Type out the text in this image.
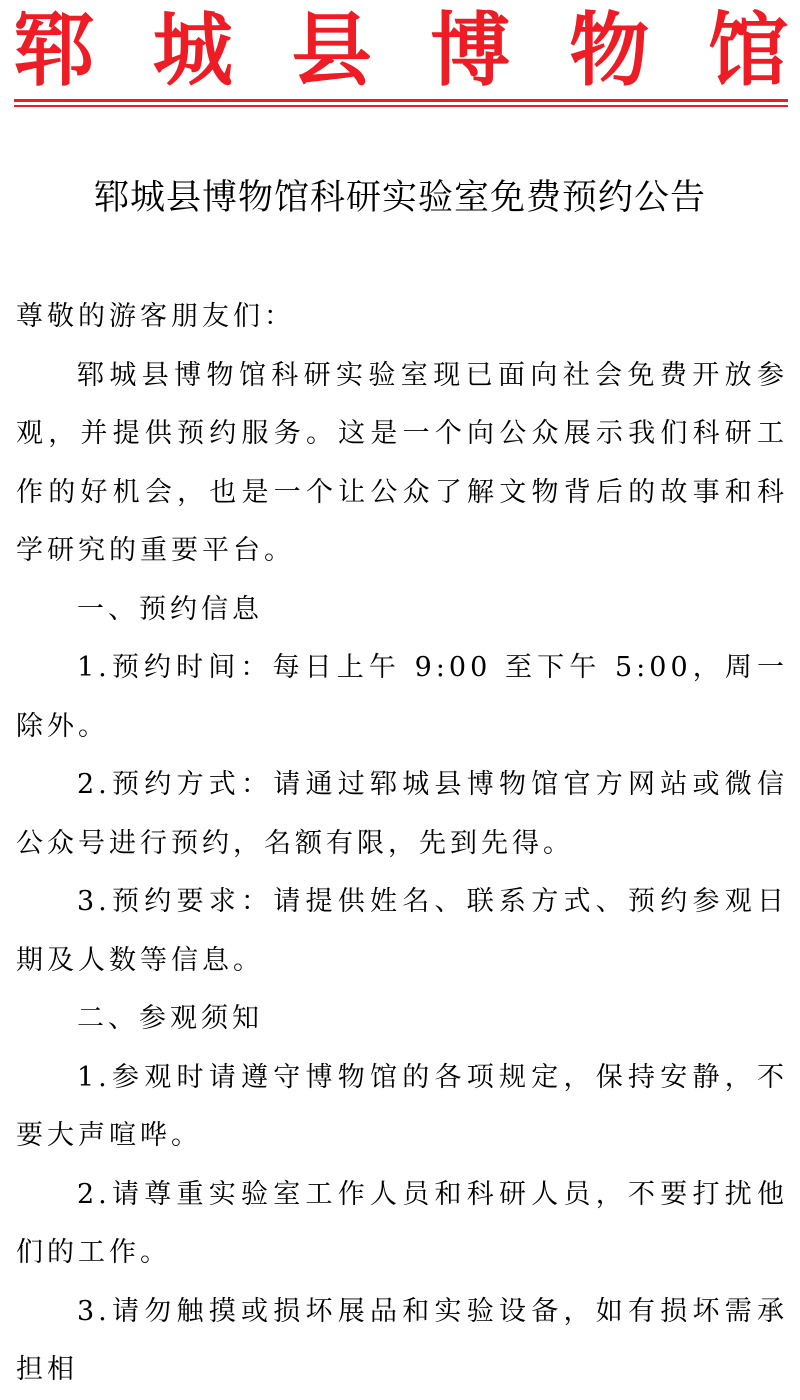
郓 城 县 博 物 馆
郓城县博物馆科研实验室免费预约公告

尊敬的游客朋友们：

郓城县博物馆科研实验室现已面向社会免费开放参观，并提供预约服务。这是一个向公众展示我们科研工作的好机会，也是一个让公众了解文物背后的故事和科学研究的重要平台。

一、预约信息

1.预约时间：每日上午 9:00 至下午 5:00，周一除外。

2.预约方式：请通过郓城县博物馆官方网站或微信公众号进行预约，名额有限，先到先得。

3.预约要求：请提供姓名、联系方式、预约参观日期及人数等信息。

二、参观须知

1.参观时请遵守博物馆的各项规定，保持安静，不要大声喧哗。

2.请尊重实验室工作人员和科研人员，不要打扰他们的工作。

3.请勿触摸或损坏展品和实验设备，如有损坏需承担相
